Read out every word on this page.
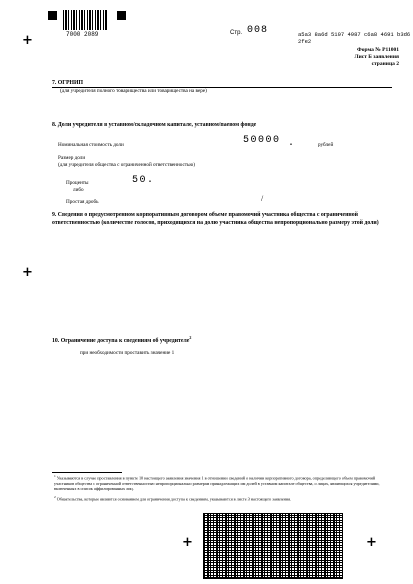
+
+
+	+
7000 2089	Стр. 008	a5a3 8a6d 5107 4987 c6a8 4691 b3d6 2fe2
Форма № Р11001
Лист Б заявления
страница 2
7. ОГРНИП
(для учредителя полного товарищества или товарищества на вере)
8. Доли учредителя в уставном/складочном капитале, уставном/паевом фонде
Номинальная стоимость доли	50000 .	рублей
Размер доли
(для учредителя общества с ограниченной ответственностью)
Проценты	50.
либо
Простая дробь	/
9. Сведения о предусмотренном корпоративным договором объеме правомочий участника общества с ограниченной ответственностью (количестве голосов, приходящихся на долю участника общества непропорционально размеру этой доли)
10. Ограничение доступа к сведениям об учредителе$^2$
при необходимости проставить значение 1
$^1$ Указываются в случае проставления в пункте 10 настоящего заявления значения 1 в отношении сведений о наличии корпоративного договора, определяющего объем правомочий участников общества с ограниченной ответственностью непропорционально размерам принадлежащих им долей в уставном капитале общества, о лицах, являющихся учредителями, включенных в список аффилированных лиц.
$^2$ Обязательства, которые являются основанием для ограничения доступа к сведениям, указываются в листе З настоящего заявления.
